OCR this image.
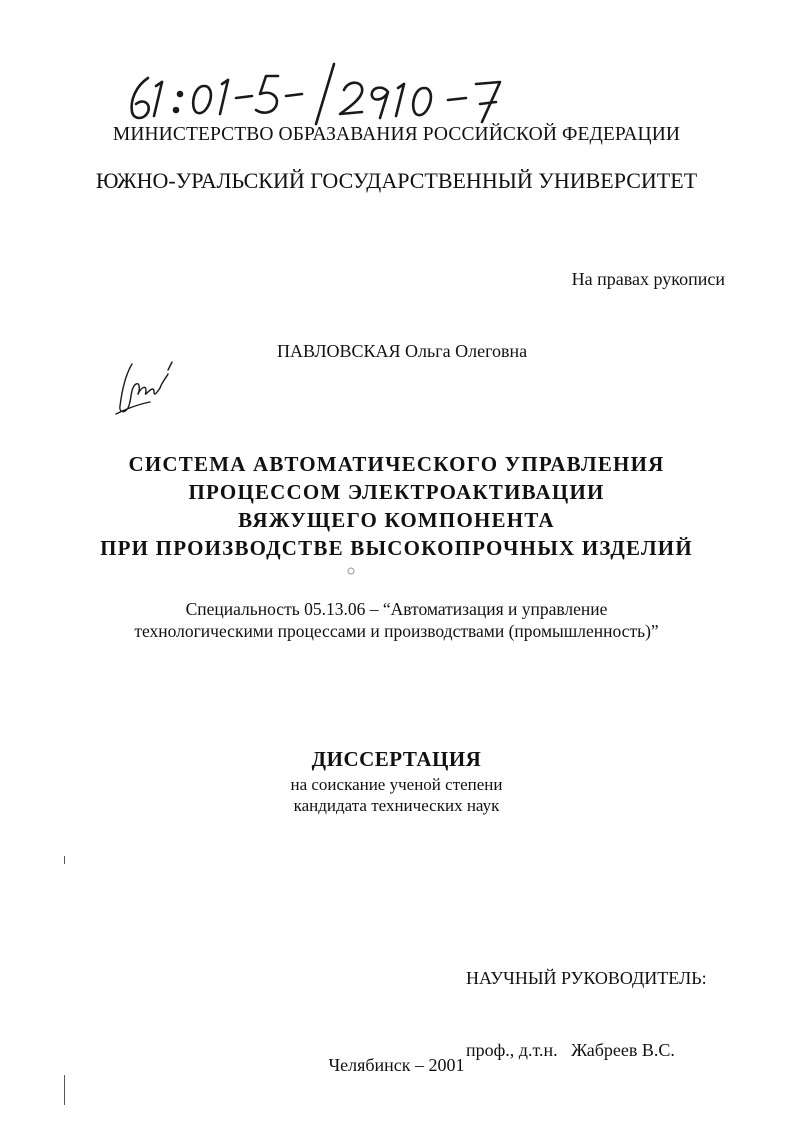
МИНИСТЕРСТВО ОБРАЗАВАНИЯ РОССИЙСКОЙ ФЕДЕРАЦИИ
ЮЖНО-УРАЛЬСКИЙ ГОСУДАРСТВЕННЫЙ УНИВЕРСИТЕТ
На правах рукописи
ПАВЛОВСКАЯ Ольга Олеговна
СИСТЕМА АВТОМАТИЧЕСКОГО УПРАВЛЕНИЯ
ПРОЦЕССОМ ЭЛЕКТРОАКТИВАЦИИ
ВЯЖУЩЕГО КОМПОНЕНТА
ПРИ ПРОИЗВОДСТВЕ ВЫСОКОПРОЧНЫХ ИЗДЕЛИЙ
Специальность 05.13.06 – “Автоматизация и управление
технологическими процессами и производствами (промышленность)”
ДИССЕРТАЦИЯ
на соискание ученой степени
кандидата технических наук

НАУЧНЫЙ РУКОВОДИТЕЛЬ:

проф., д.т.н.   Жабреев В.С.

Челябинск – 2001
